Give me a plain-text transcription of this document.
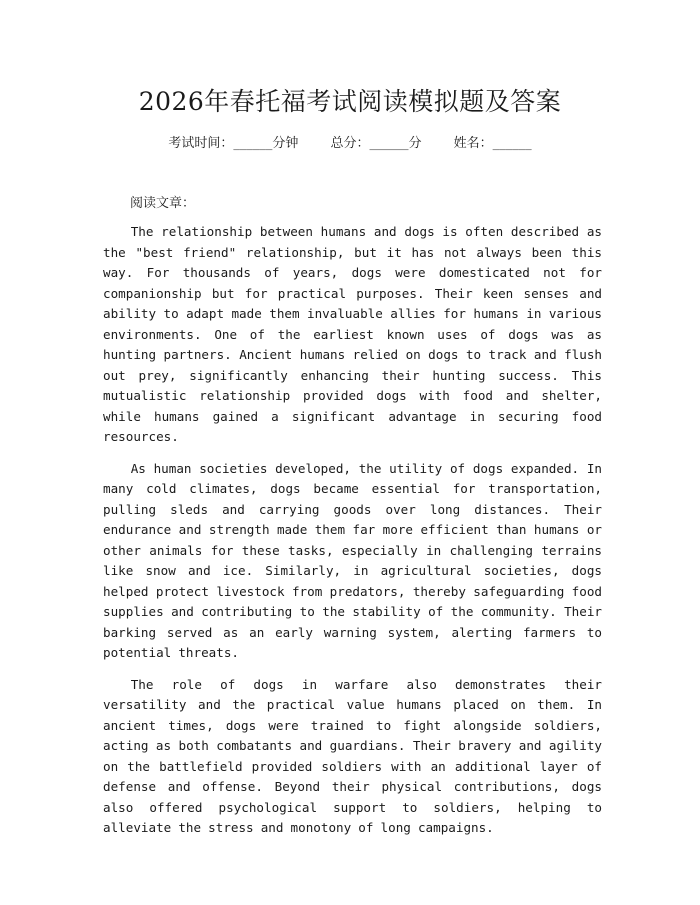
2026年春托福考试阅读模拟题及答案
考试时间：______分钟 总分：______分 姓名：______
阅读文章：

The relationship between humans and dogs is often described as the "best friend" relationship, but it has not always been this way. For thousands of years, dogs were domesticated not for companionship but for practical purposes. Their keen senses and ability to adapt made them invaluable allies for humans in various environments. One of the earliest known uses of dogs was as hunting partners. Ancient humans relied on dogs to track and flush out prey, significantly enhancing their hunting success. This mutualistic relationship provided dogs with food and shelter, while humans gained a significant advantage in securing food resources.

As human societies developed, the utility of dogs expanded. In many cold climates, dogs became essential for transportation, pulling sleds and carrying goods over long distances. Their endurance and strength made them far more efficient than humans or other animals for these tasks, especially in challenging terrains like snow and ice. Similarly, in agricultural societies, dogs helped protect livestock from predators, thereby safeguarding food supplies and contributing to the stability of the community. Their barking served as an early warning system, alerting farmers to potential threats.

The role of dogs in warfare also demonstrates their versatility and the practical value humans placed on them. In ancient times, dogs were trained to fight alongside soldiers, acting as both combatants and guardians. Their bravery and agility on the battlefield provided soldiers with an additional layer of defense and offense. Beyond their physical contributions, dogs also offered psychological support to soldiers, helping to alleviate the stress and monotony of long campaigns.
